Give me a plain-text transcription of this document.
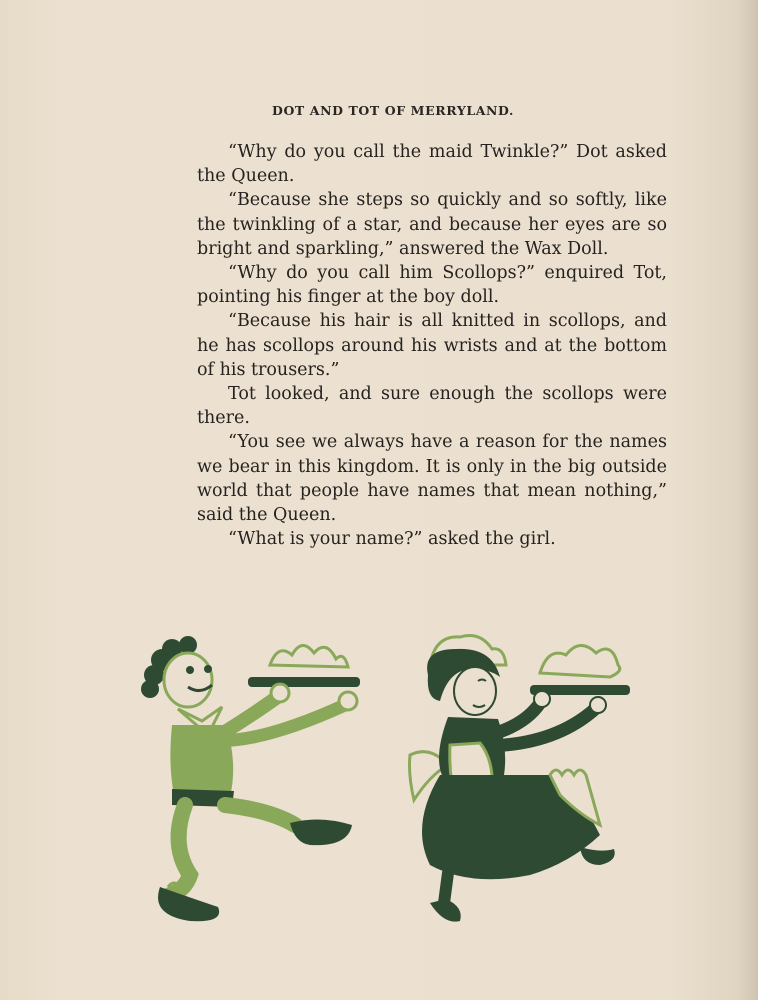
DOT AND TOT OF MERRYLAND.

“Why do you call the maid Twinkle?” Dot asked the Queen.

“Because she steps so quickly and so softly, like the twinkling of a star, and because her eyes are so bright and sparkling,” answered the Wax Doll.

“Why do you call him Scollops?” enquired Tot, pointing his finger at the boy doll.

“Because his hair is all knitted in scollops, and he has scollops around his wrists and at the bottom of his trousers.”

Tot looked, and sure enough the scollops were there.

“You see we always have a reason for the names we bear in this kingdom. It is only in the big outside world that people have names that mean nothing,” said the Queen.

“What is your name?” asked the girl.
